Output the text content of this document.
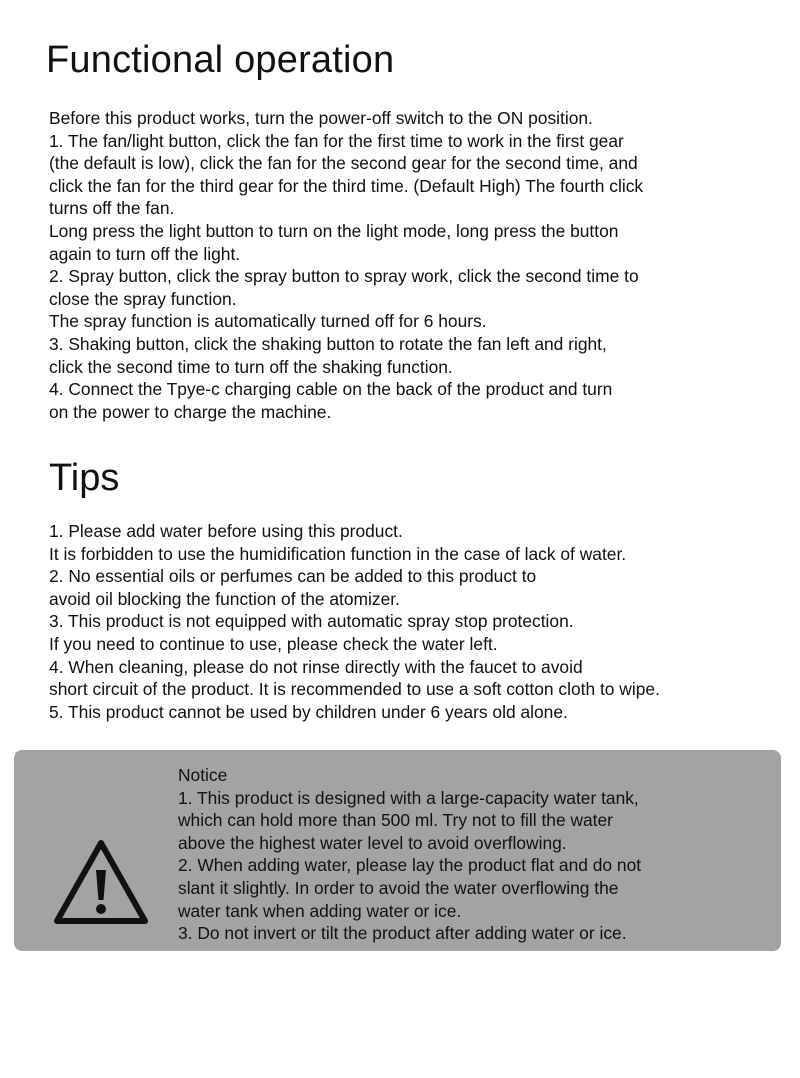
Functional operation
Before this product works, turn the power-off switch to the ON position.
1. The fan/light button, click the fan for the first time to work in the first gear
(the default is low), click the fan for the second gear for the second time, and
click the fan for the third gear for the third time. (Default High) The fourth click
turns off the fan.
Long press the light button to turn on the light mode, long press the button
again to turn off the light.
2. Spray button, click the spray button to spray work, click the second time to
close the spray function.
The spray function is automatically turned off for 6 hours.
3. Shaking button, click the shaking button to rotate the fan left and right,
click the second time to turn off the shaking function.
4. Connect the Tpye-c charging cable on the back of the product and turn
on the power to charge the machine.
Tips
1. Please add water before using this product.
It is forbidden to use the humidification function in the case of lack of water.
2. No essential oils or perfumes can be added to this product to
avoid oil blocking the function of the atomizer.
3. This product is not equipped with automatic spray stop protection.
If you need to continue to use, please check the water left.
4. When cleaning, please do not rinse directly with the faucet to avoid
short circuit of the product. It is recommended to use a soft cotton cloth to wipe.
5. This product cannot be used by children under 6 years old alone.
Notice
1. This product is designed with a large-capacity water tank,
which can hold more than 500 ml. Try not to fill the water
above the highest water level to avoid overflowing.
2. When adding water, please lay the product flat and do not
slant it slightly. In order to avoid the water overflowing the
water tank when adding water or ice.
3. Do not invert or tilt the product after adding water or ice.
